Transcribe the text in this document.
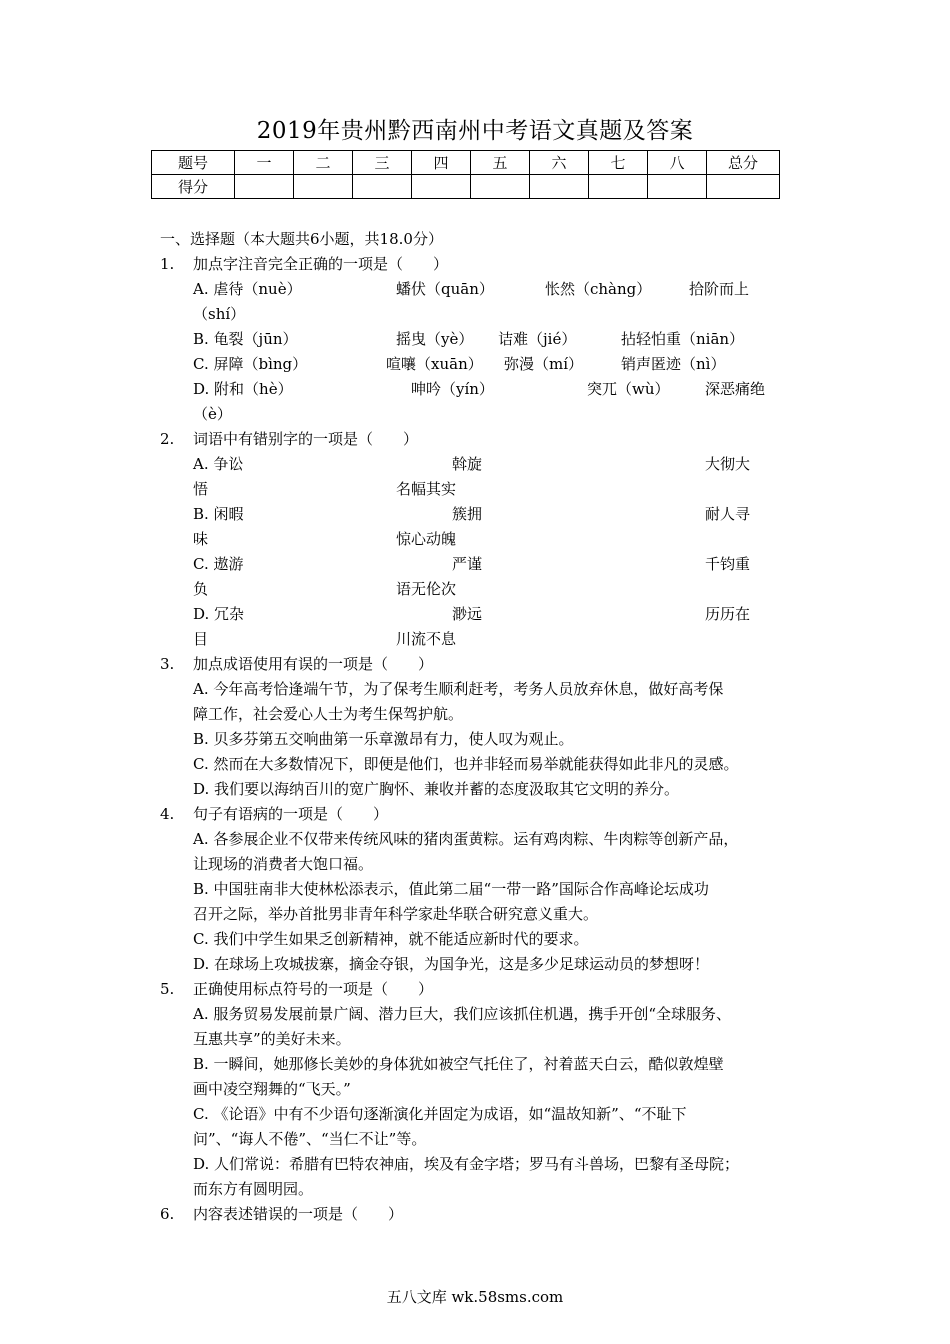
2019年贵州黔西南州中考语文真题及答案
题号	一	二	三	四	五	六	七	八	总分
得分									
一、选择题（本大题共6小题，共18.0分）
1. 加点字注音完全正确的一项是（　　）
A. 虐待（nuè）	蟠伏（quān）	怅然（chàng）	拾阶而上
（shí）
B. 龟裂（jūn）	摇曳（yè） 诘难（jié）	拈轻怕重（niān）
C. 屏障（bìng）	喧嚷（xuān） 弥漫（mí）	销声匿迹（nì）
D. 附和（hè）	呻吟（yín）	突兀（wù） 深恶痛绝
（è）
2. 词语中有错别字的一项是（　　）
A. 争讼	斡旋	大彻大
悟	名幅其实
B. 闲暇	簇拥	耐人寻
味	惊心动魄
C. 遨游	严谨	千钧重
负	语无伦次
D. 冗杂	渺远	历历在
目	川流不息
3. 加点成语使用有误的一项是（　　）
A. 今年高考恰逢端午节，为了保考生顺利赶考，考务人员放弃休息，做好高考保
障工作，社会爱心人士为考生保驾护航。
B. 贝多芬第五交响曲第一乐章激昂有力，使人叹为观止。
C. 然而在大多数情况下，即便是他们，也并非轻而易举就能获得如此非凡的灵感。
D. 我们要以海纳百川的宽广胸怀、兼收并蓄的态度汲取其它文明的养分。
4. 句子有语病的一项是（　　）
A. 各参展企业不仅带来传统风味的猪肉蛋黄粽。运有鸡肉粽、牛肉粽等创新产品，
让现场的消费者大饱口福。
B. 中国驻南非大使林松添表示，值此第二届“一带一路”国际合作高峰论坛成功
召开之际，举办首批男非青年科学家赴华联合研究意义重大。
C. 我们中学生如果乏创新精神，就不能适应新时代的要求。
D. 在球场上攻城拔寨，摘金夺银，为国争光，这是多少足球运动员的梦想呀！
5. 正确使用标点符号的一项是（　　）
A. 服务贸易发展前景广阔、潜力巨大，我们应该抓住机遇，携手开创“全球服务、
互惠共享”的美好未来。
B. 一瞬间，她那修长美妙的身体犹如被空气托住了，衬着蓝天白云，酷似敦煌壁
画中凌空翔舞的“飞天。”
C. 《论语》中有不少语句逐渐演化并固定为成语，如“温故知新”、“不耻下
问”、“诲人不倦”、“当仁不让”等。
D. 人们常说：希腊有巴特农神庙，埃及有金字塔；罗马有斗兽场，巴黎有圣母院；
而东方有圆明园。
6. 内容表述错误的一项是（　　）
五八文库 wk.58sms.com
